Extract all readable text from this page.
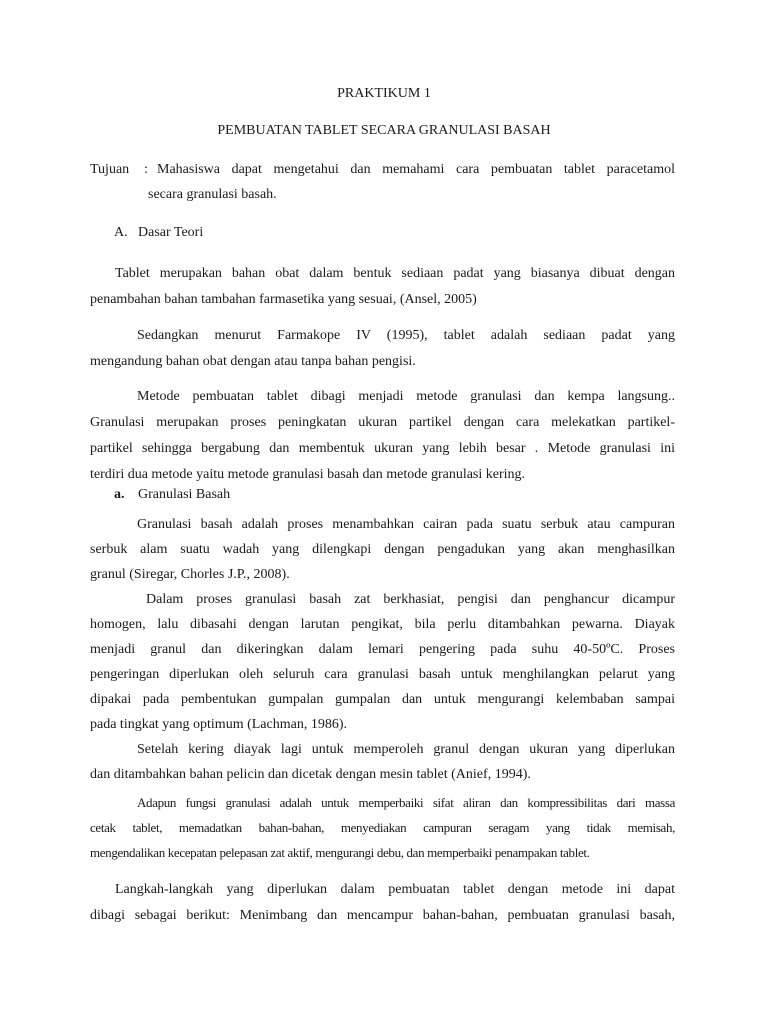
PRAKTIKUM 1
PEMBUATAN TABLET SECARA GRANULASI BASAH
Tujuan : Mahasiswa dapat mengetahui dan memahami cara pembuatan tablet paracetamol
secara granulasi basah.
A. Dasar Teori
Tablet merupakan bahan obat dalam bentuk sediaan padat yang biasanya dibuat dengan
penambahan bahan tambahan farmasetika yang sesuai, (Ansel, 2005)
Sedangkan menurut Farmakope IV (1995), tablet adalah sediaan padat yang
mengandung bahan obat dengan atau tanpa bahan pengisi.
Metode pembuatan tablet dibagi menjadi metode granulasi dan kempa langsung..
Granulasi merupakan proses peningkatan ukuran partikel dengan cara melekatkan partikel-
partikel sehingga bergabung dan membentuk ukuran yang lebih besar . Metode granulasi ini
terdiri dua metode yaitu metode granulasi basah dan metode granulasi kering.
a. Granulasi Basah
Granulasi basah adalah proses menambahkan cairan pada suatu serbuk atau campuran
serbuk alam suatu wadah yang dilengkapi dengan pengadukan yang akan menghasilkan
granul (Siregar, Chorles J.P., 2008).
Dalam proses granulasi basah zat berkhasiat, pengisi dan penghancur dicampur
homogen, lalu dibasahi dengan larutan pengikat, bila perlu ditambahkan pewarna. Diayak
menjadi granul dan dikeringkan dalam lemari pengering pada suhu 40-50ºC. Proses
pengeringan diperlukan oleh seluruh cara granulasi basah untuk menghilangkan pelarut yang
dipakai pada pembentukan gumpalan gumpalan dan untuk mengurangi kelembaban sampai
pada tingkat yang optimum (Lachman, 1986).
Setelah kering diayak lagi untuk memperoleh granul dengan ukuran yang diperlukan
dan ditambahkan bahan pelicin dan dicetak dengan mesin tablet (Anief, 1994).
Adapun fungsi granulasi adalah untuk memperbaiki sifat aliran dan kompressibilitas dari massa
cetak tablet, memadatkan bahan-bahan, menyediakan campuran seragam yang tidak memisah,
mengendalikan kecepatan pelepasan zat aktif, mengurangi debu, dan memperbaiki penampakan tablet.
Langkah-langkah yang diperlukan dalam pembuatan tablet dengan metode ini dapat
dibagi sebagai berikut: Menimbang dan mencampur bahan-bahan, pembuatan granulasi basah,
